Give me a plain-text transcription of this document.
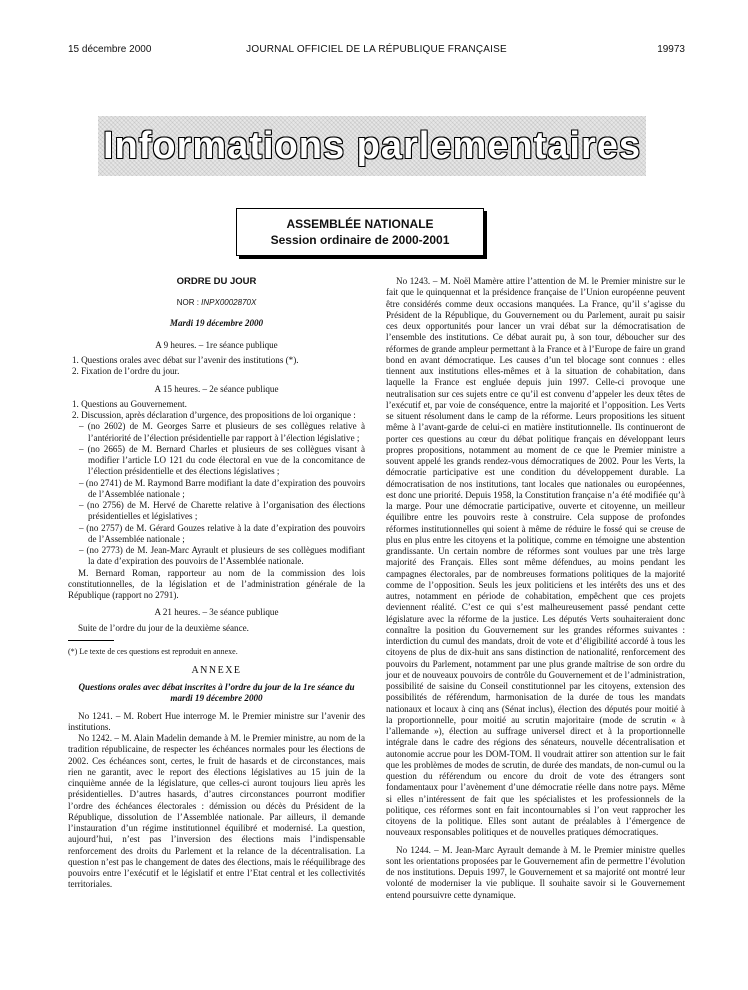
15 décembre 2000	JOURNAL OFFICIEL DE LA RÉPUBLIQUE FRANÇAISE	19973
Informations parlementaires
ASSEMBLÉE NATIONALE
Session ordinaire de 2000-2001
ORDRE DU JOUR
NOR : INPX0002870X
Mardi 19 décembre 2000
A 9 heures. – 1re séance publique

1. Questions orales avec débat sur l’avenir des institutions (*).

2. Fixation de l’ordre du jour.

A 15 heures. – 2e séance publique

1. Questions au Gouvernement.

2. Discussion, après déclaration d’urgence, des propositions de loi organique :

– (no 2602) de M. Georges Sarre et plusieurs de ses collègues relative à l’antériorité de l’élection présidentielle par rapport à l’élection législative ;

– (no 2665) de M. Bernard Charles et plusieurs de ses collègues visant à modifier l’article LO 121 du code électoral en vue de la concomitance de l’élection présidentielle et des élections législatives ;

– (no 2741) de M. Raymond Barre modifiant la date d’expiration des pouvoirs de l’Assemblée nationale ;

– (no 2756) de M. Hervé de Charette relative à l’organisation des élections présidentielles et législatives ;

– (no 2757) de M. Gérard Gouzes relative à la date d’expiration des pouvoirs de l’Assemblée nationale ;

– (no 2773) de M. Jean-Marc Ayrault et plusieurs de ses collègues modifiant la date d’expiration des pouvoirs de l’Assemblée nationale.

M. Bernard Roman, rapporteur au nom de la commission des lois constitutionnelles, de la législation et de l’administration générale de la République (rapport no 2791).

A 21 heures. – 3e séance publique

Suite de l’ordre du jour de la deuxième séance.

(*) Le texte de ces questions est reproduit en annexe.

ANNEXE
Questions orales avec débat inscrites à l’ordre du jour de la 1re séance du mardi 19 décembre 2000

No 1241. – M. Robert Hue interroge M. le Premier ministre sur l’avenir des institutions.

No 1242. – M. Alain Madelin demande à M. le Premier ministre, au nom de la tradition républicaine, de respecter les échéances normales pour les élections de 2002. Ces échéances sont, certes, le fruit de hasards et de circonstances, mais rien ne garantit, avec le report des élections législatives au 15 juin de la cinquième année de la législature, que celles-ci auront toujours lieu après les présidentielles. D’autres hasards, d’autres circonstances pourront modifier l’ordre des échéances électorales : démission ou décès du Président de la République, dissolution de l’Assemblée nationale. Par ailleurs, il demande l’instauration d’un régime institutionnel équilibré et modernisé. La question, aujourd’hui, n’est pas l’inversion des élections mais l’indispensable renforcement des droits du Parlement et la relance de la décentralisation. La question n’est pas le changement de dates des élections, mais le rééquilibrage des pouvoirs entre l’exécutif et le législatif et entre l’Etat central et les collectivités territoriales.

No 1243. – M. Noël Mamère attire l’attention de M. le Premier ministre sur le fait que le quinquennat et la présidence française de l’Union européenne peuvent être considérés comme deux occasions manquées. La France, qu’il s’agisse du Président de la République, du Gouvernement ou du Parlement, aurait pu saisir ces deux opportunités pour lancer un vrai débat sur la démocratisation de l’ensemble des institutions. Ce débat aurait pu, à son tour, déboucher sur des réformes de grande ampleur permettant à la France et à l’Europe de faire un grand bond en avant démocratique. Les causes d’un tel blocage sont connues : elles tiennent aux institutions elles-mêmes et à la situation de cohabitation, dans laquelle la France est engluée depuis juin 1997. Celle-ci provoque une neutralisation sur ces sujets entre ce qu’il est convenu d’appeler les deux têtes de l’exécutif et, par voie de conséquence, entre la majorité et l’opposition. Les Verts se situent résolument dans le camp de la réforme. Leurs propositions les situent même à l’avant-garde de celui-ci en matière institutionnelle. Ils continueront de porter ces questions au cœur du débat politique français en développant leurs propres propositions, notamment au moment de ce que le Premier ministre a souvent appelé les grands rendez-vous démocratiques de 2002. Pour les Verts, la démocratie participative est une condition du développement durable. La démocratisation de nos institutions, tant locales que nationales ou européennes, est donc une priorité. Depuis 1958, la Constitution française n’a été modifiée qu’à la marge. Pour une démocratie participative, ouverte et citoyenne, un meilleur équilibre entre les pouvoirs reste à construire. Cela suppose de profondes réformes institutionnelles qui soient à même de réduire le fossé qui se creuse de plus en plus entre les citoyens et la politique, comme en témoigne une abstention grandissante. Un certain nombre de réformes sont voulues par une très large majorité des Français. Elles sont même défendues, au moins pendant les campagnes électorales, par de nombreuses formations politiques de la majorité comme de l’opposition. Seuls les jeux politiciens et les intérêts des uns et des autres, notamment en période de cohabitation, empêchent que ces projets deviennent réalité. C’est ce qui s’est malheureusement passé pendant cette législature avec la réforme de la justice. Les députés Verts souhaiteraient donc connaître la position du Gouvernement sur les grandes réformes suivantes : interdiction du cumul des mandats, droit de vote et d’éligibilité accordé à tous les citoyens de plus de dix-huit ans sans distinction de nationalité, renforcement des pouvoirs du Parlement, notamment par une plus grande maîtrise de son ordre du jour et de nouveaux pouvoirs de contrôle du Gouvernement et de l’administration, possibilité de saisine du Conseil constitutionnel par les citoyens, extension des possibilités de référendum, harmonisation de la durée de tous les mandats nationaux et locaux à cinq ans (Sénat inclus), élection des députés pour moitié à la proportionnelle, pour moitié au scrutin majoritaire (mode de scrutin « à l’allemande »), élection au suffrage universel direct et à la proportionnelle intégrale dans le cadre des régions des sénateurs, nouvelle décentralisation et autonomie accrue pour les DOM-TOM. Il voudrait attirer son attention sur le fait que les problèmes de modes de scrutin, de durée des mandats, de non-cumul ou la question du référendum ou encore du droit de vote des étrangers sont fondamentaux pour l’avènement d’une démocratie réelle dans notre pays. Même si elles n’intéressent de fait que les spécialistes et les professionnels de la politique, ces réformes sont en fait incontournables si l’on veut rapprocher les citoyens de la politique. Elles sont autant de préalables à l’émergence de nouveaux responsables politiques et de nouvelles pratiques démocratiques.

No 1244. – M. Jean-Marc Ayrault demande à M. le Premier ministre quelles sont les orientations proposées par le Gouvernement afin de permettre l’évolution de nos institutions. Depuis 1997, le Gouvernement et sa majorité ont montré leur volonté de moderniser la vie publique. Il souhaite savoir si le Gouvernement entend poursuivre cette dynamique.
